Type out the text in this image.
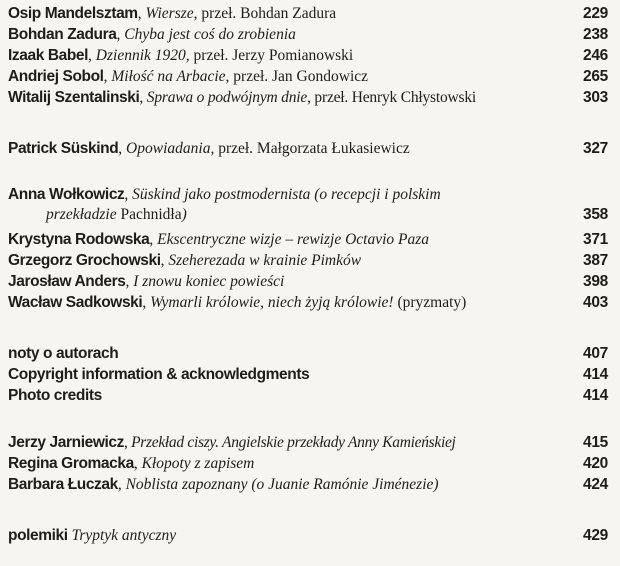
Osip Mandelsztam, Wiersze, przeł. Bohdan Zadura	229
Bohdan Zadura, Chyba jest coś do zrobienia	238
Izaak Babel, Dziennik 1920, przeł. Jerzy Pomianowski	246
Andriej Sobol, Miłość na Arbacie, przeł. Jan Gondowicz	265
Witalij Szentalinski, Sprawa o podwójnym dnie, przeł. Henryk Chłystowski	303
Patrick Süskind, Opowiadania, przeł. Małgorzata Łukasiewicz	327
Anna Wołkowicz, Süskind jako postmodernista (o recepcji i polskim
przekładzie Pachnidła)	358
Krystyna Rodowska, Ekscentryczne wizje – rewizje Octavio Paza	371
Grzegorz Grochowski, Szeherezada w krainie Pimków	387
Jarosław Anders, I znowu koniec powieści	398
Wacław Sadkowski, Wymarli królowie, niech żyją królowie! (pryzmaty)	403
noty o autorach	407
Copyright information & acknowledgments	414
Photo credits	414
Jerzy Jarniewicz, Przekład ciszy. Angielskie przekłady Anny Kamieńskiej	415
Regina Gromacka, Kłopoty z zapisem	420
Barbara Łuczak, Noblista zapoznany (o Juanie Ramónie Jiménezie)	424
polemiki Tryptyk antyczny	429
